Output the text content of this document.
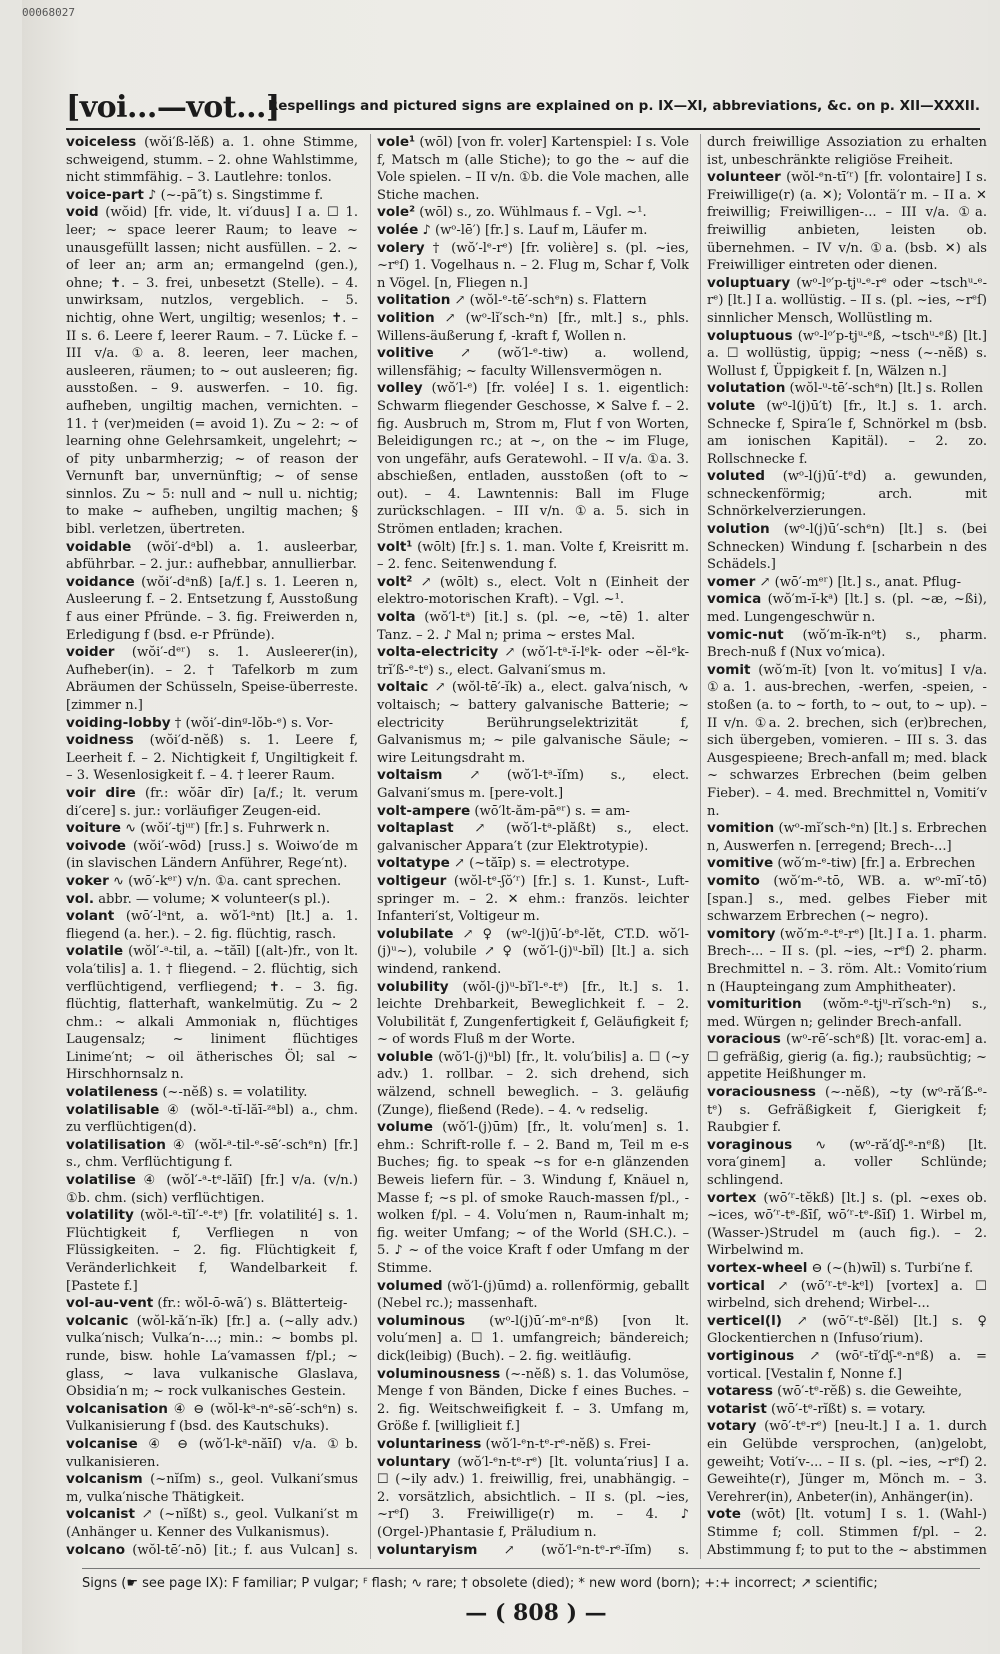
00068027
[voi...—vot...]
Respellings and pictured signs are explained on p. IX—XI, abbreviations, &c. on p. XII—XXXII.

voiceless (wŏi′ß-lĕß) a. 1. ohne Stimme, schweigend, stumm. – 2. ohne Wahlstimme, nicht stimmfähig. – 3. Lautlehre: tonlos.

voice-part ♪ (~-pā″t) s. Singstimme f.

void (wŏid) [fr. vide, lt. vi′duus] I a. ☐ 1. leer; ~ space leerer Raum; to leave ~ unausgefüllt lassen; nicht ausfüllen. – 2. ~ of leer an; arm an; ermangelnd (gen.), ohne; ✝. – 3. frei, unbesetzt (Stelle). – 4. unwirksam, nutzlos, vergeblich. – 5. nichtig, ohne Wert, ungiltig; wesenlos; ✝. – II s. 6. Leere f, leerer Raum. – 7. Lücke f. – III v/a. ①a. 8. leeren, leer machen, ausleeren, räumen; to ~ out ausleeren; fig. ausstoßen. – 9. auswerfen. – 10. fig. aufheben, ungiltig machen, vernichten. – 11. † (ver)meiden (= avoid 1). Zu ~ 2: ~ of learning ohne Gelehrsamkeit, ungelehrt; ~ of pity unbarmherzig; ~ of reason der Vernunft bar, unvernünftig; ~ of sense sinnlos. Zu ~ 5: null and ~ null u. nichtig; to make ~ aufheben, ungiltig machen; § bibl. verletzen, übertreten.

voidable (wŏi′-dᵃbl) a. 1. ausleerbar, abführbar. – 2. jur.: aufhebbar, annullierbar.

voidance (wŏi′-dᵃnß) [a/f.] s. 1. Leeren n, Ausleerung f. – 2. Entsetzung f, Ausstoßung f aus einer Pfründe. – 3. fig. Freiwerden n, Erledigung f (bsd. e-r Pfründe).

voider (wŏi′-dᵉʳ) s. 1. Ausleerer(in), Aufheber(in). – 2. † Tafelkorb m zum Abräumen der Schüsseln, Speise-überreste. [zimmer n.]

voiding-lobby † (wŏi′-dinᵍ-lŏb-ᵉ) s. Vor-

voidness (wŏi′d-nĕß) s. 1. Leere f, Leerheit f. – 2. Nichtigkeit f, Ungiltigkeit f. – 3. Wesenlosigkeit f. – 4. † leerer Raum.

voir dire (fr.: wŏār dīr) [a/f.; lt. verum di′cere] s. jur.: vorläufiger Zeugen-eid.

voiture ∿ (wŏi′-tjᵘʳ) [fr.] s. Fuhrwerk n.

voivode (wŏi′-wōd) [russ.] s. Woiwo′de m (in slavischen Ländern Anführer, Rege′nt).

voker ∿ (wō′-kᵉʳ) v/n. ①a. cant sprechen.

vol. abbr. — volume; ✕ volunteer(s pl.).

volant (wō′-lᵃnt, a. wŏ′l-ᵃnt) [lt.] a. 1. fliegend (a. her.). – 2. fig. flüchtig, rasch.

volatile (wŏl′-ᵃ-til, a. ~tăīl) [(alt-)fr., von lt. vola′tilis] a. 1. † fliegend. – 2. flüchtig, sich verflüchtigend, verfliegend; ✝. – 3. fig. flüchtig, flatterhaft, wankelmütig. Zu ~ 2 chm.: ~ alkali Ammoniak n, flüchtiges Laugensalz; ~ liniment flüchtiges Linime′nt; ~ oil ätherisches Öl; sal ~ Hirschhornsalz n.

volatileness (~-nĕß) s. = volatility.

volatilisable ④ (wŏl-ᵃ-tĭ-lăī-ᶻᵃbl) a., chm. zu verflüchtigen(d).

volatilisation ④ (wŏl-ᵃ-til-ᵉ-sē′-schᵉn) [fr.] s., chm. Verflüchtigung f.

volatilise ④ (wŏl′-ᵃ-tᵉ-lăīſ) [fr.] v/a. (v/n.) ①b. chm. (sich) verflüchtigen.

volatility (wŏl-ᵃ-tĭl′-ᵉ-tᵉ) [fr. volatilité] s. 1. Flüchtigkeit f, Verfliegen n von Flüssigkeiten. – 2. fig. Flüchtigkeit f, Veränderlichkeit f, Wandelbarkeit f. [Pastete f.]

vol-au-vent (fr.: wŏl-ō-wā′) s. Blätterteig-

volcanic (wŏl-kă′n-ĭk) [fr.] a. (~ally adv.) vulka′nisch; Vulka′n-...; min.: ~ bombs pl. runde, bisw. hohle La′vamassen f/pl.; ~ glass, ~ lava vulkanische Glaslava, Obsidia′n m; ~ rock vulkanisches Gestein.

volcanisation ④ ⊖ (wŏl-kᵃ-nᵉ-sē′-schᵉn) s. Vulkanisierung f (bsd. des Kautschuks).

volcanise ④ ⊖ (wŏ′l-kᵃ-năīſ) v/a. ①b. vulkanisieren.

volcanism (~nĭſm) s., geol. Vulkani′smus m, vulka′nische Thätigkeit.

volcanist ↗ (~nĭßt) s., geol. Vulkani′st m (Anhänger u. Kenner des Vulkanismus).

volcano (wŏl-tē′-nō) [it.; f. aus Vulcan] s.

vole¹ (wōl) [von fr. voler] Kartenspiel: I s. Vole f, Matsch m (alle Stiche); to go the ~ auf die Vole spielen. – II v/n. ①b. die Vole machen, alle Stiche machen.

vole² (wōl) s., zo. Wühlmaus f. – Vgl. ~¹.

volée ♪ (wᵒ-lē′) [fr.] s. Lauf m, Läufer m.

volery † (wŏ′-lᵉ-rᵉ) [fr. volière] s. (pl. ~ies, ~rᵉſ) 1. Vogelhaus n. – 2. Flug m, Schar f, Volk n Vögel. [n, Fliegen n.]

volitation ↗ (wŏl-ᵉ-tē′-schᵉn) s. Flattern

volition ↗ (wᵒ-lĭ′sch-ᵉn) [fr., mlt.] s., phls. Willens-äußerung f, -kraft f, Wollen n.

volitive ↗ (wŏ′l-ᵉ-tiw) a. wollend, willensfähig; ~ faculty Willensvermögen n.

volley (wŏ′l-ᵉ) [fr. volée] I s. 1. eigentlich: Schwarm fliegender Geschosse, ✕ Salve f. – 2. fig. Ausbruch m, Strom m, Flut f von Worten, Beleidigungen rc.; at ~, on the ~ im Fluge, von ungefähr, aufs Geratewohl. – II v/a. ①a. 3. abschießen, entladen, ausstoßen (oft to ~ out). – 4. Lawntennis: Ball im Fluge zurückschlagen. – III v/n. ①a. 5. sich in Strömen entladen; krachen.

volt¹ (wōlt) [fr.] s. 1. man. Volte f, Kreisritt m. – 2. fenc. Seitenwendung f.

volt² ↗ (wōlt) s., elect. Volt n (Einheit der elektro-motorischen Kraft). – Vgl. ~¹.

volta (wŏ′l-tᵃ) [it.] s. (pl. ~e, ~tē) 1. alter Tanz. – 2. ♪ Mal n; prima ~ erstes Mal.

volta-electricity ↗ (wŏ′l-tᵃ-ĭ-lᵉk- oder ~ĕl-ᵉk-trĭ′ß-ᵉ-tᵉ) s., elect. Galvani′smus m.

voltaic ↗ (wŏl-tē′-ĭk) a., elect. galva′nisch, ∿ voltaisch; ~ battery galvanische Batterie; ~ electricity Berührungselektrizität f, Galvanismus m; ~ pile galvanische Säule; ~ wire Leitungsdraht m.

voltaism ↗ (wŏ′l-tᵃ-ĭſm) s., elect. Galvani′smus m. [pere-volt.]

volt-ampere (wō′lt-ăm-pāᵉʳ) s. = am-

voltaplast ↗ (wŏ′l-tᵃ-plăßt) s., elect. galvanischer Appara′t (zur Elektrotypie).

voltatype ↗ (~tăīp) s. = electrotype.

voltigeur (wŏl-tᵉ-ʃŏ′ʳ) [fr.] s. 1. Kunst-, Luft-springer m. – 2. ✕ ehm.: französ. leichter Infanteri′st, Voltigeur m.

volubilate ↗ ♀ (wᵒ-l(j)ū′-bᵉ-lĕt, CT.D. wŏ′l-(j)ᵘ~), volubile ↗ ♀ (wŏ′l-(j)ᵘ-bĭl) [lt.] a. sich windend, rankend.

volubility (wŏl-(j)ᵘ-bĭ′l-ᵉ-tᵉ) [fr., lt.] s. 1. leichte Drehbarkeit, Beweglichkeit f. – 2. Volubilität f, Zungenfertigkeit f, Geläufigkeit f; ~ of words Fluß m der Worte.

voluble (wŏ′l-(j)ᵘbl) [fr., lt. volu′bilis] a. ☐ (~y adv.) 1. rollbar. – 2. sich drehend, sich wälzend, schnell beweglich. – 3. geläufig (Zunge), fließend (Rede). – 4. ∿ redselig.

volume (wŏ′l-(j)ūm) [fr., lt. volu′men] s. 1. ehm.: Schrift-rolle f. – 2. Band m, Teil m e-s Buches; fig. to speak ~s for e-n glänzenden Beweis liefern für. – 3. Windung f, Knäuel n, Masse f; ~s pl. of smoke Rauch-massen f/pl., -wolken f/pl. – 4. Volu′men n, Raum-inhalt m; fig. weiter Umfang; ~ of the World (SH.C.). – 5. ♪ ~ of the voice Kraft f oder Umfang m der Stimme.

volumed (wŏ′l-(j)ūmd) a. rollenförmig, geballt (Nebel rc.); massenhaft.

voluminous (wᵒ-l(j)ū′-mᵉ-nᵉß) [von lt. volu′men] a. ☐ 1. umfangreich; bändereich; dick(leibig) (Buch). – 2. fig. weitläufig.

voluminousness (~-nĕß) s. 1. das Volumöse, Menge f von Bänden, Dicke f eines Buches. – 2. fig. Weitschweifigkeit f. – 3. Umfang m, Größe f. [williglieit f.]

voluntariness (wŏ′l-ᵉn-tᵉ-rᵉ-nĕß) s. Frei-

voluntary (wŏ′l-ᵉn-tᵉ-rᵉ) [lt. volunta′rius] I a. ☐ (~ily adv.) 1. freiwillig, frei, unabhängig. – 2. vorsätzlich, absichtlich. – II s. (pl. ~ies, ~rᵉſ) 3. Freiwillige(r) m. – 4. ♪ (Orgel-)Phantasie f, Präludium n.

voluntaryism ↗ (wŏ′l-ᵉn-tᵉ-rᵉ-ĭſm) s.

durch freiwillige Assoziation zu erhalten ist, unbeschränkte religiöse Freiheit.

volunteer (wŏl-ᵉn-tī′ʳ) [fr. volontaire] I s. Freiwillige(r) (a. ✕); Volontä′r m. – II a. ✕ freiwillig; Freiwilligen-... – III v/a. ①a. freiwillig anbieten, leisten ob. übernehmen. – IV v/n. ①a. (bsb. ✕) als Freiwilliger eintreten oder dienen.

voluptuary (wᵒ-lᵒ′p-tjᵘ-ᵉ-rᵉ oder ~tschᵘ-ᵉ-rᵉ) [lt.] I a. wollüstig. – II s. (pl. ~ies, ~rᵉſ) sinnlicher Mensch, Wollüstling m.

voluptuous (wᵒ-lᵒ′p-tjᵘ-ᵉß, ~tschᵘ-ᵉß) [lt.] a. ☐ wollüstig, üppig; ~ness (~-nĕß) s. Wollust f, Üppigkeit f. [n, Wälzen n.]

volutation (wŏl-ᵘ-tē′-schᵉn) [lt.] s. Rollen

volute (wᵒ-l(j)ū′t) [fr., lt.] s. 1. arch. Schnecke f, Spira′le f, Schnörkel m (bsb. am ionischen Kapitäl). – 2. zo. Rollschnecke f.

voluted (wᵒ-l(j)ū′-tᵉd) a. gewunden, schneckenförmig; arch. mit Schnörkelverzierungen.

volution (wᵒ-l(j)ū′-schᵉn) [lt.] s. (bei Schnecken) Windung f. [scharbein n des Schädels.]

vomer ↗ (wō′-mᵉʳ) [lt.] s., anat. Pflug-

vomica (wŏ′m-ĭ-kᵃ) [lt.] s. (pl. ~æ, ~ßi), med. Lungengeschwür n.

vomic-nut (wŏ′m-ĭk-nᵒt) s., pharm. Brech-nuß f (Nux vo′mica).

vomit (wŏ′m-ĭt) [von lt. vo′mitus] I v/a. ①a. 1. aus-brechen, -werfen, -speien, -stoßen (a. to ~ forth, to ~ out, to ~ up). – II v/n. ①a. 2. brechen, sich (er)brechen, sich übergeben, vomieren. – III s. 3. das Ausgespieene; Brech-anfall m; med. black ~ schwarzes Erbrechen (beim gelben Fieber). – 4. med. Brechmittel n, Vomiti′v n.

vomition (wᵒ-mĭ′sch-ᵉn) [lt.] s. Erbrechen n, Auswerfen n. [erregend; Brech-...]

vomitive (wŏ′m-ᵉ-tiw) [fr.] a. Erbrechen

vomito (wŏ′m-ᵉ-tō, WB. a. wᵒ-mī′-tō) [span.] s., med. gelbes Fieber mit schwarzem Erbrechen (~ negro).

vomitory (wŏ′m-ᵉ-tᵉ-rᵉ) [lt.] I a. 1. pharm. Brech-... – II s. (pl. ~ies, ~rᵉſ) 2. pharm. Brechmittel n. – 3. röm. Alt.: Vomito′rium n (Haupteingang zum Amphitheater).

vomiturition (wŏm-ᵉ-tjᵘ-rĭ′sch-ᵉn) s., med. Würgen n; gelinder Brech-anfall.

voracious (wᵒ-rē′-schᵉß) [lt. vorac-em] a. ☐ gefräßig, gierig (a. fig.); raubsüchtig; ~ appetite Heißhunger m.

voraciousness (~-nĕß), ~ty (wᵒ-ră′ß-ᵉ-tᵉ) s. Gefräßigkeit f, Gierigkeit f; Raubgier f.

voraginous ∿ (wᵒ-ră′dʃ-ᵉ-nᵉß) [lt. vora′ginem] a. voller Schlünde; schlingend.

vortex (wō′ʳ-tĕkß) [lt.] s. (pl. ~exes ob. ~ices, wō′ʳ-tᵉ-ßīſ, wō′ʳ-tᵉ-ßīſ) 1. Wirbel m, (Wasser-)Strudel m (auch fig.). – 2. Wirbelwind m.

vortex-wheel ⊖ (~(h)wīl) s. Turbi′ne f.

vortical ↗ (wō′ʳ-tᵉ-kᵉl) [vortex] a. ☐ wirbelnd, sich drehend; Wirbel-...

verticel(l) ↗ (wō′ʳ-tᵉ-ßĕl) [lt.] s. ♀ Glockentierchen n (Infuso′rium).

vortiginous ↗ (wōʳ-tĭ′dʃ-ᵉ-nᵉß) a. = vortical. [Vestalin f, Nonne f.]

votaress (wō′-tᵉ-rĕß) s. die Geweihte,

votarist (wō′-tᵉ-rĭßt) s. = votary.

votary (wō′-tᵉ-rᵉ) [neu-lt.] I a. 1. durch ein Gelübde versprochen, (an)gelobt, geweiht; Voti′v-... – II s. (pl. ~ies, ~rᵉſ) 2. Geweihte(r), Jünger m, Mönch m. – 3. Verehrer(in), Anbeter(in), Anhänger(in).

vote (wōt) [lt. votum] I s. 1. (Wahl-) Stimme f; coll. Stimmen f/pl. – 2. Abstimmung f; to put to the ~ abstimmen

Signs (☛ see page IX): F familiar; P vulgar; ꟳ flash; ∿ rare; † obsolete (died); * new word (born); +:+ incorrect; ↗ scientific;
— ( 808 ) —
